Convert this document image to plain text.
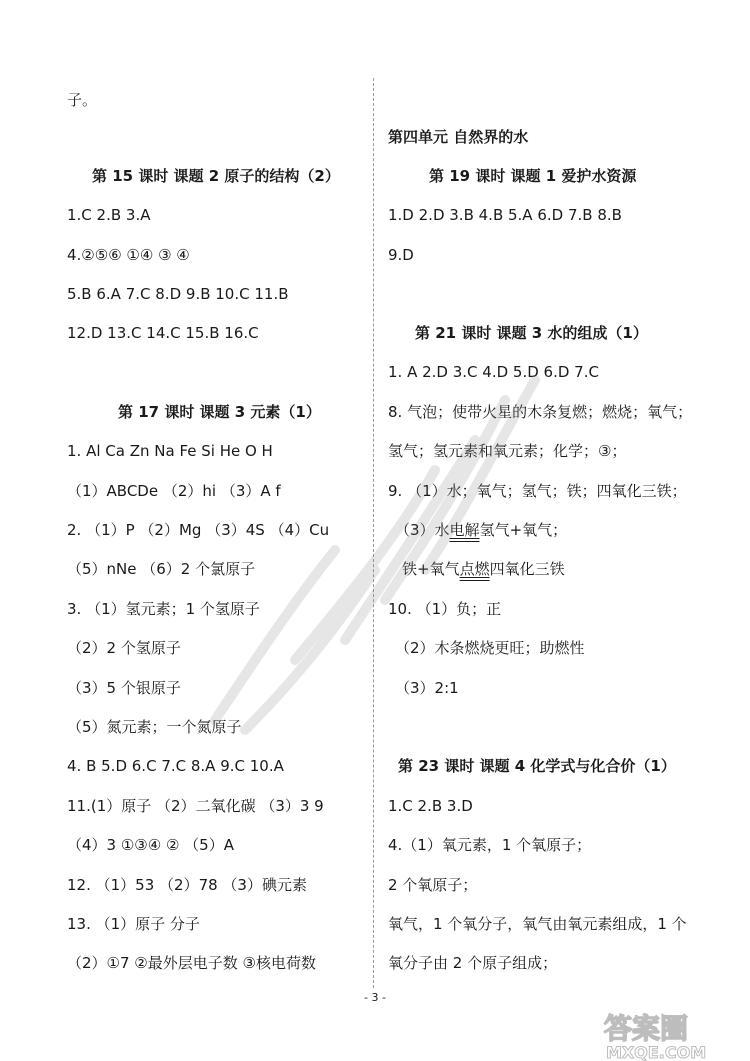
子。
第 15 课时 课题 2 原子的结构（2）
1.C 2.B 3.A
4.②⑤⑥ ①④ ③ ④
5.B 6.A 7.C 8.D 9.B 10.C 11.B
12.D 13.C 14.C 15.B 16.C
第 17 课时 课题 3 元素（1）
1. Al Ca Zn Na Fe Si He O H
（1）ABCDe （2）hi （3）A f
2. （1）P （2）Mg （3）4S （4）Cu
（5）nNe （6）2 个氯原子
3. （1）氢元素；1 个氢原子
（2）2 个氢原子
（3）5 个银原子
（5）氮元素；一个氮原子
4. B 5.D 6.C 7.C 8.A 9.C 10.A
11.(1）原子 （2）二氧化碳 （3）3 9
（4）3 ①③④ ② （5）A
12. （1）53 （2）78 （3）碘元素
13. （1）原子 分子
（2）①7 ②最外层电子数 ③核电荷数
第四单元 自然界的水
第 19 课时 课题 1 爱护水资源
1.D 2.D 3.B 4.B 5.A 6.D 7.B 8.B
9.D
第 21 课时 课题 3 水的组成（1）
1. A 2.D 3.C 4.D 5.D 6.D 7.C
8. 气泡；使带火星的木条复燃；燃烧；氧气；
氢气；氢元素和氧元素；化学；③；
9. （1）水；氧气；氢气；铁；四氧化三铁；
（3）水电解氢气+氧气；
铁+氧气点燃四氧化三铁
10. （1）负；正
（2）木条燃烧更旺；助燃性
（3）2:1
第 23 课时 课题 4 化学式与化合价（1）
1.C 2.B 3.D
4.（1）氧元素，1 个氧原子；
2 个氧原子；
氧气，1 个氧分子，氧气由氧元素组成，1 个
氧分子由 2 个原子组成；
- 3 -
答案圈
MXQE.COM
